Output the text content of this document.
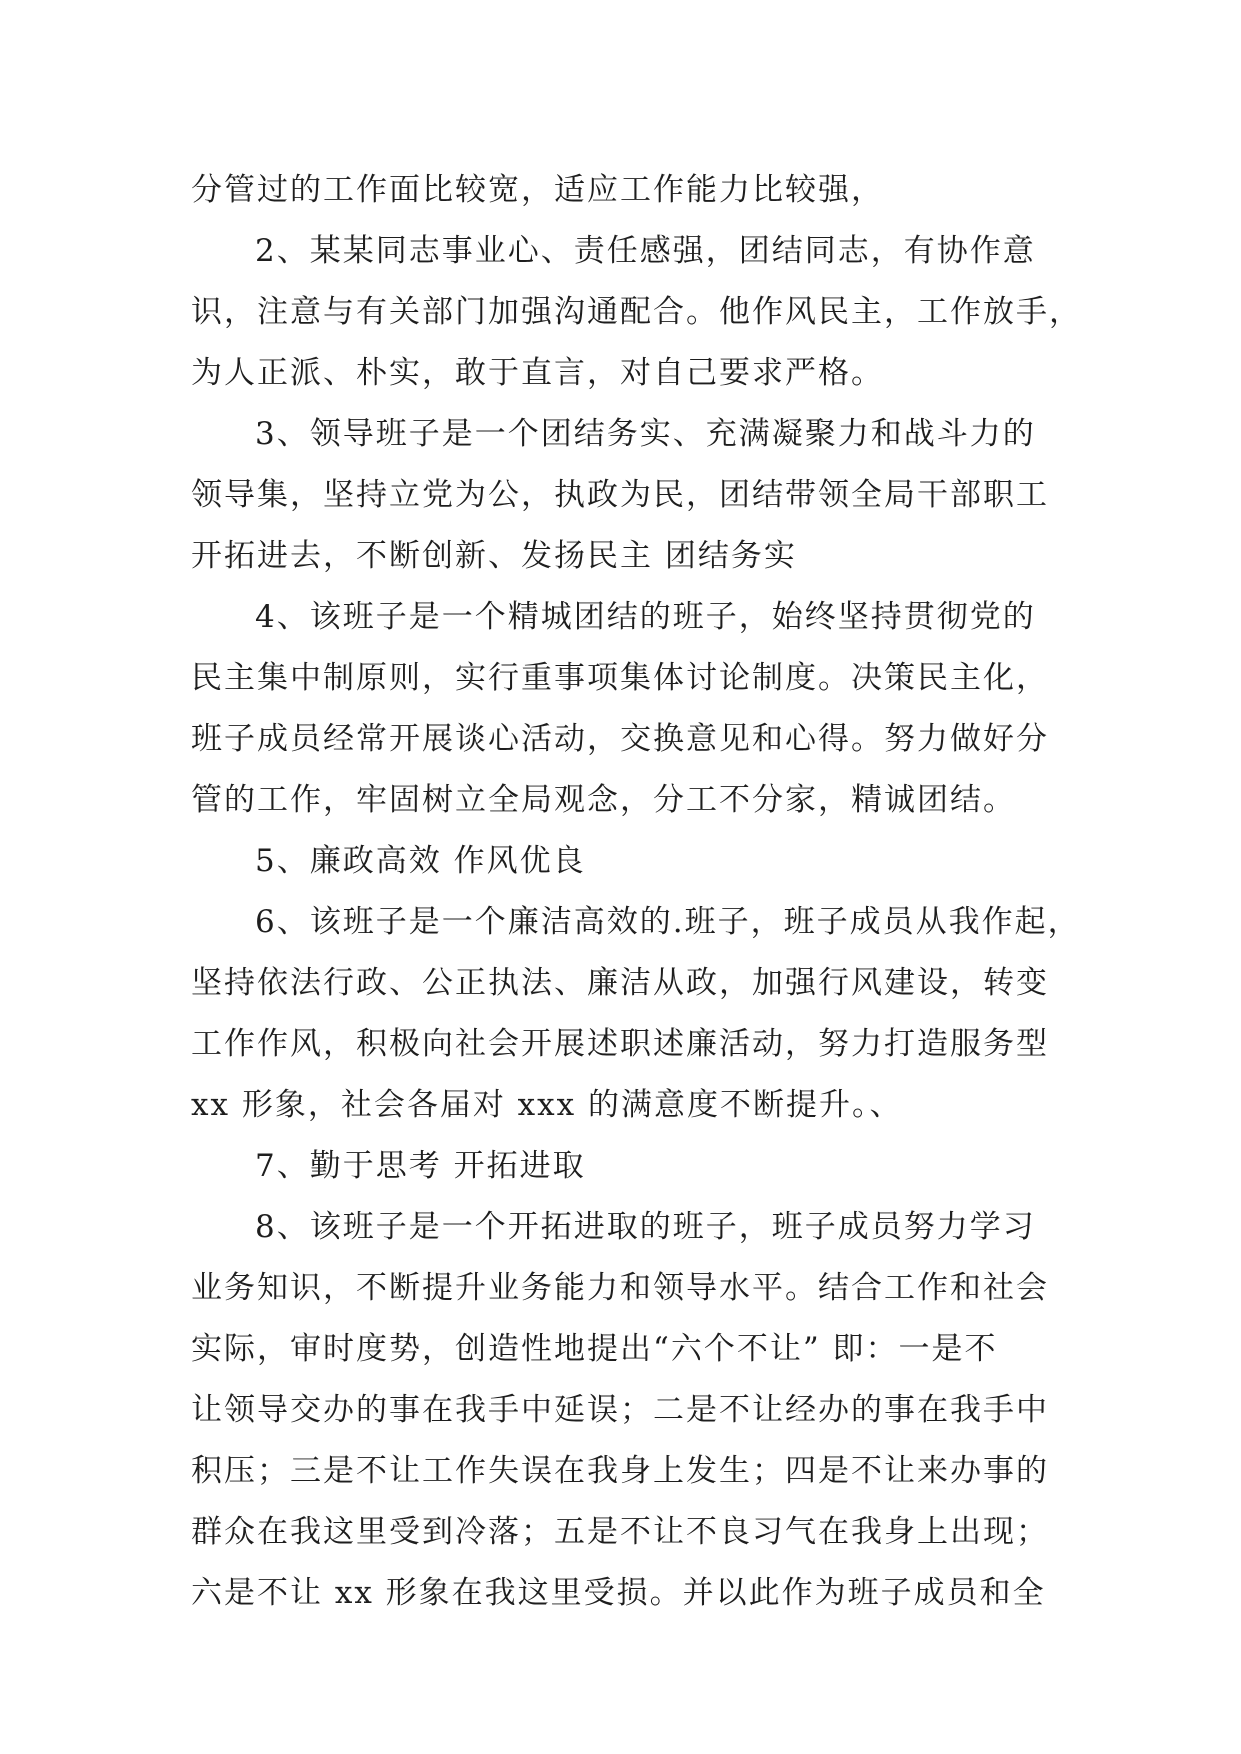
分管过的工作面比较宽，适应工作能力比较强，
2、某某同志事业心、责任感强，团结同志，有协作意
识，注意与有关部门加强沟通配合。他作风民主，工作放手，
为人正派、朴实，敢于直言，对自己要求严格。
3、领导班子是一个团结务实、充满凝聚力和战斗力的
领导集，坚持立党为公，执政为民，团结带领全局干部职工
开拓进去，不断创新、发扬民主 团结务实
4、该班子是一个精城团结的班子，始终坚持贯彻党的
民主集中制原则，实行重事项集体讨论制度。决策民主化，
班子成员经常开展谈心活动，交换意见和心得。努力做好分
管的工作，牢固树立全局观念，分工不分家，精诚团结。
5、廉政高效 作风优良
6、该班子是一个廉洁高效的.班子，班子成员从我作起，
坚持依法行政、公正执法、廉洁从政，加强行风建设，转变
工作作风，积极向社会开展述职述廉活动，努力打造服务型
xx 形象，社会各届对 xxx 的满意度不断提升。、
7、勤于思考 开拓进取
8、该班子是一个开拓进取的班子，班子成员努力学习
业务知识，不断提升业务能力和领导水平。结合工作和社会
实际，审时度势，创造性地提出“六个不让” 即：一是不
让领导交办的事在我手中延误；二是不让经办的事在我手中
积压；三是不让工作失误在我身上发生；四是不让来办事的
群众在我这里受到冷落；五是不让不良习气在我身上出现；
六是不让 xx 形象在我这里受损。并以此作为班子成员和全
